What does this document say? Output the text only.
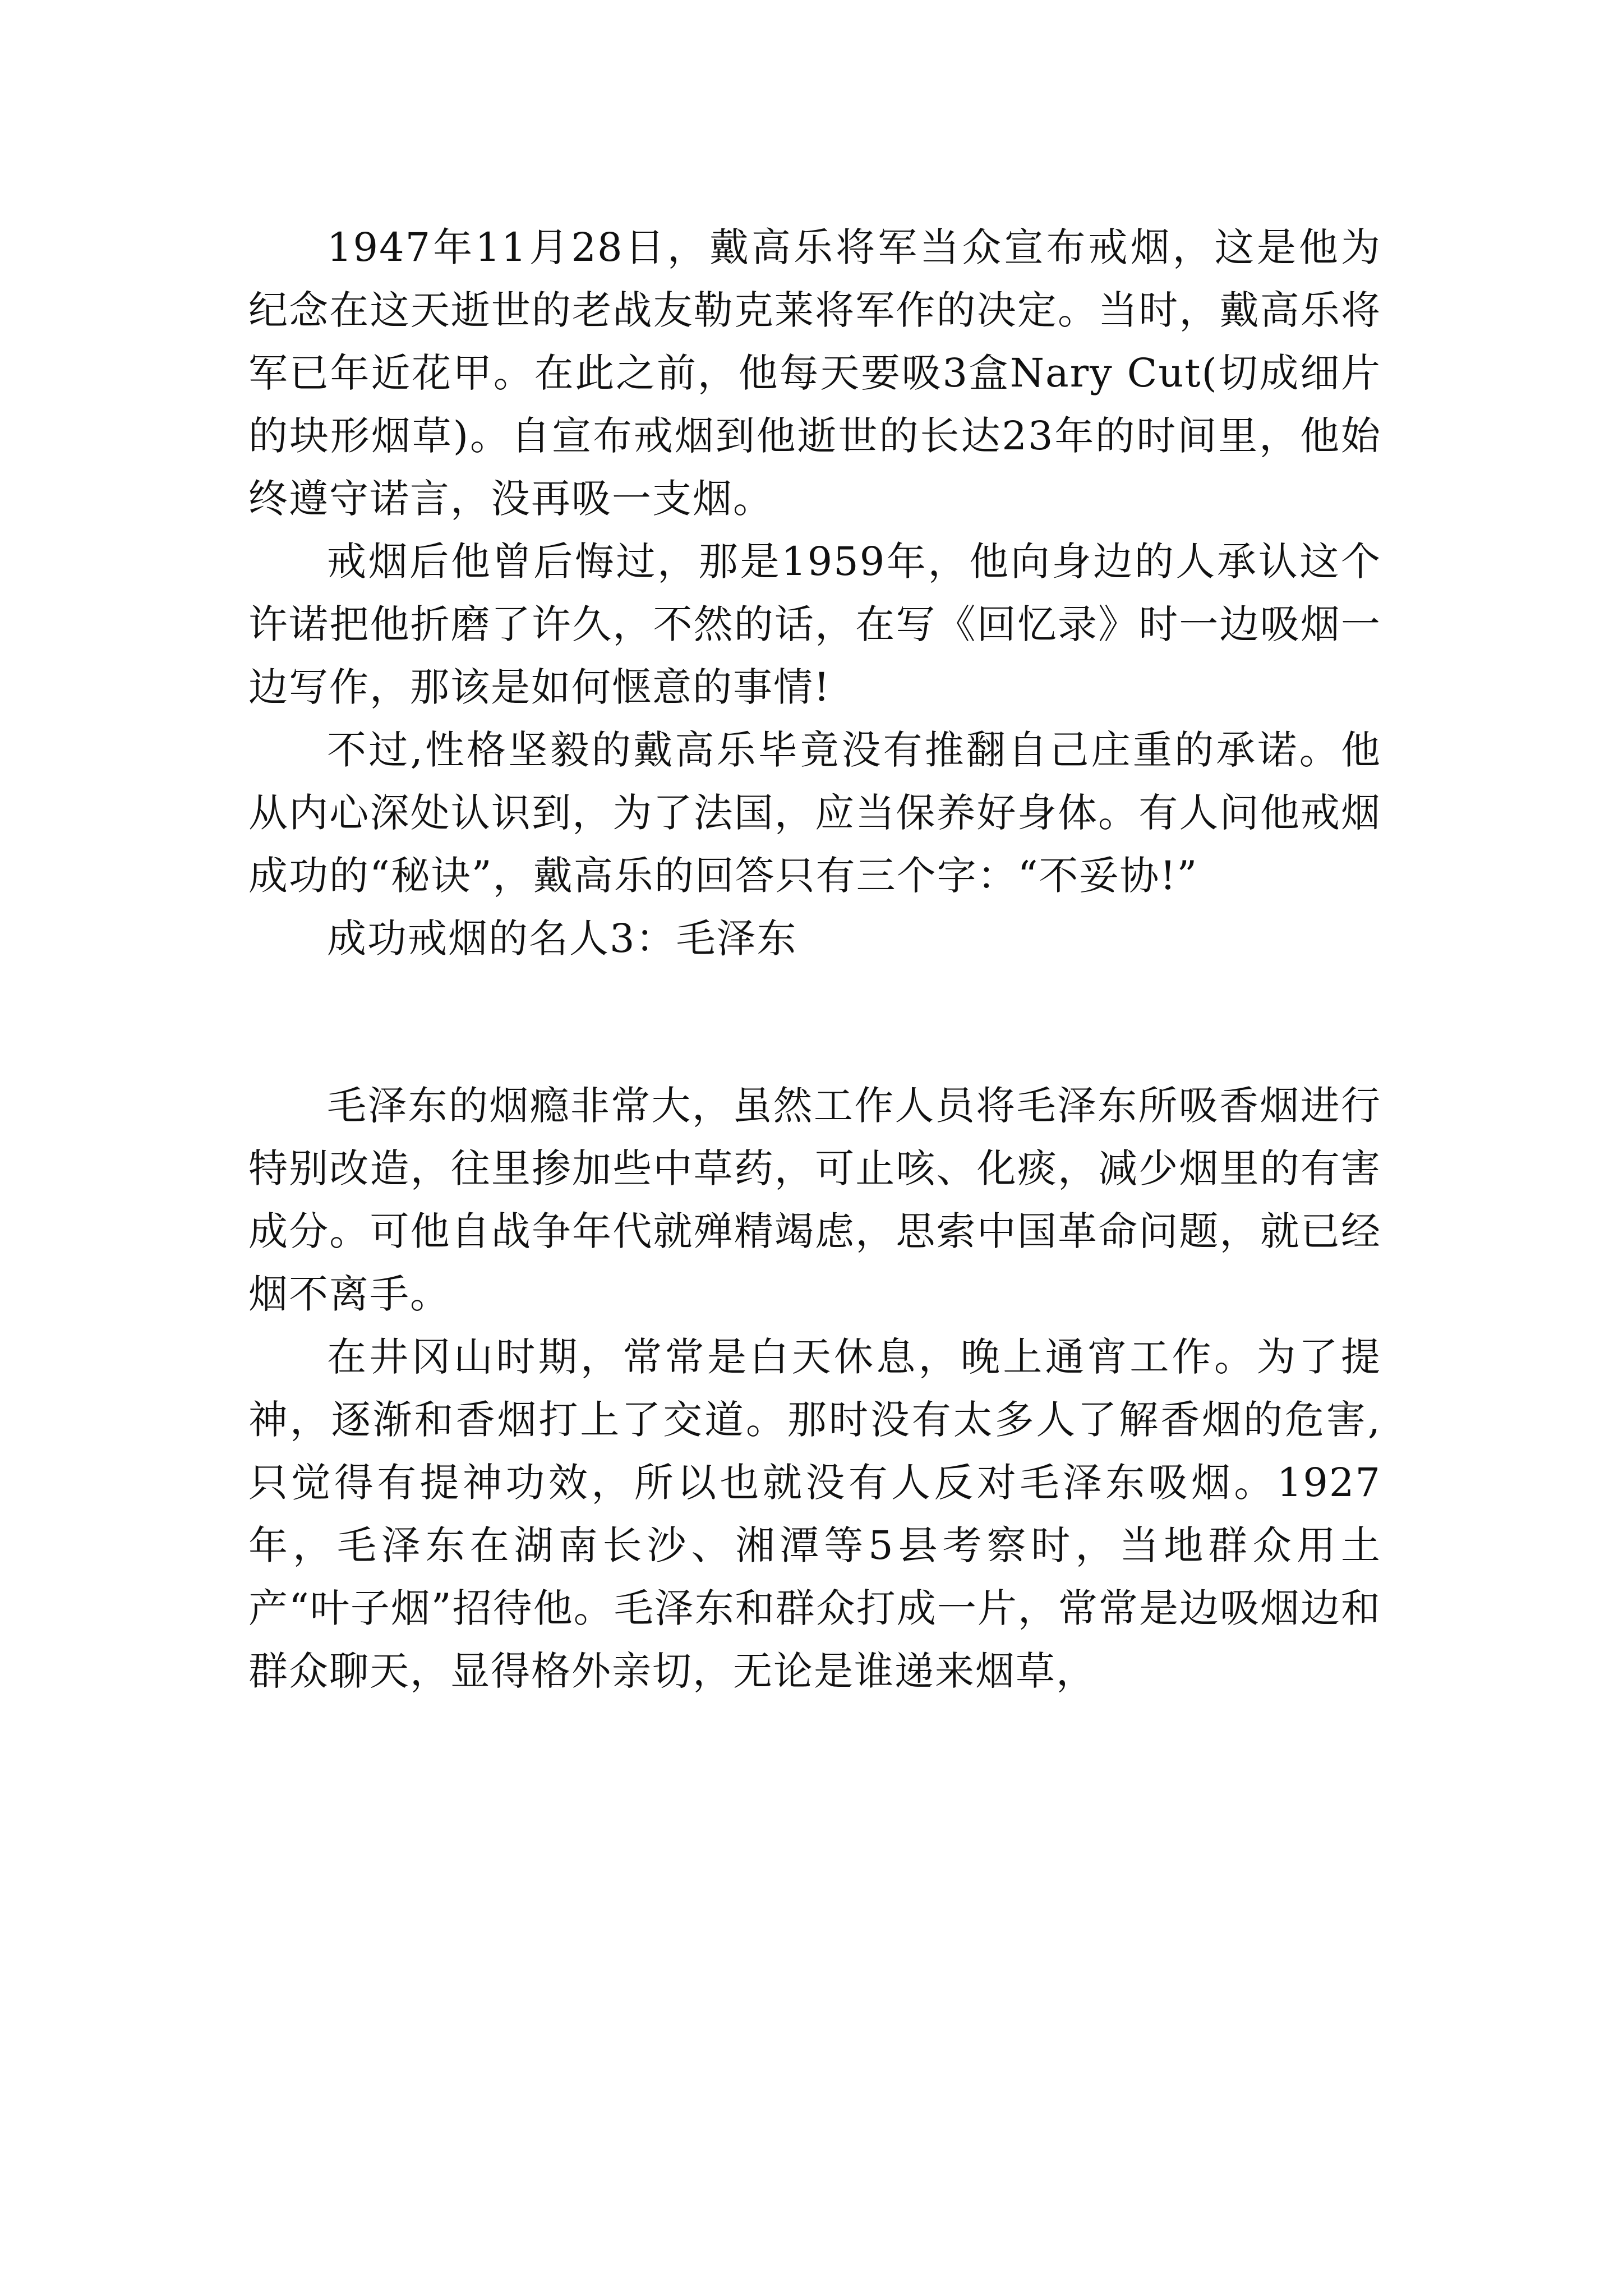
1947年11月28日，戴高乐将军当众宣布戒烟，这是他为纪念在这天逝世的老战友勒克莱将军作的决定。当时，戴高乐将军已年近花甲。在此之前，他每天要吸3盒Nary Cut(切成细片的块形烟草)。自宣布戒烟到他逝世的长达23年的时间里，他始终遵守诺言，没再吸一支烟。

戒烟后他曾后悔过，那是1959年，他向身边的人承认这个许诺把他折磨了许久，不然的话，在写《回忆录》时一边吸烟一边写作，那该是如何惬意的事情!

不过,性格坚毅的戴高乐毕竟没有推翻自己庄重的承诺。他从内心深处认识到，为了法国，应当保养好身体。有人问他戒烟成功的“秘诀”，戴高乐的回答只有三个字：“不妥协!”

成功戒烟的名人3：毛泽东

毛泽东的烟瘾非常大，虽然工作人员将毛泽东所吸香烟进行特别改造，往里掺加些中草药，可止咳、化痰，减少烟里的有害成分。可他自战争年代就殚精竭虑，思索中国革命问题，就已经烟不离手。

在井冈山时期，常常是白天休息，晚上通宵工作。为了提神，逐渐和香烟打上了交道。那时没有太多人了解香烟的危害,只觉得有提神功效，所以也就没有人反对毛泽东吸烟。1927年，毛泽东在湖南长沙、湘潭等5县考察时，当地群众用土产“叶子烟”招待他。毛泽东和群众打成一片，常常是边吸烟边和群众聊天，显得格外亲切，无论是谁递来烟草，
